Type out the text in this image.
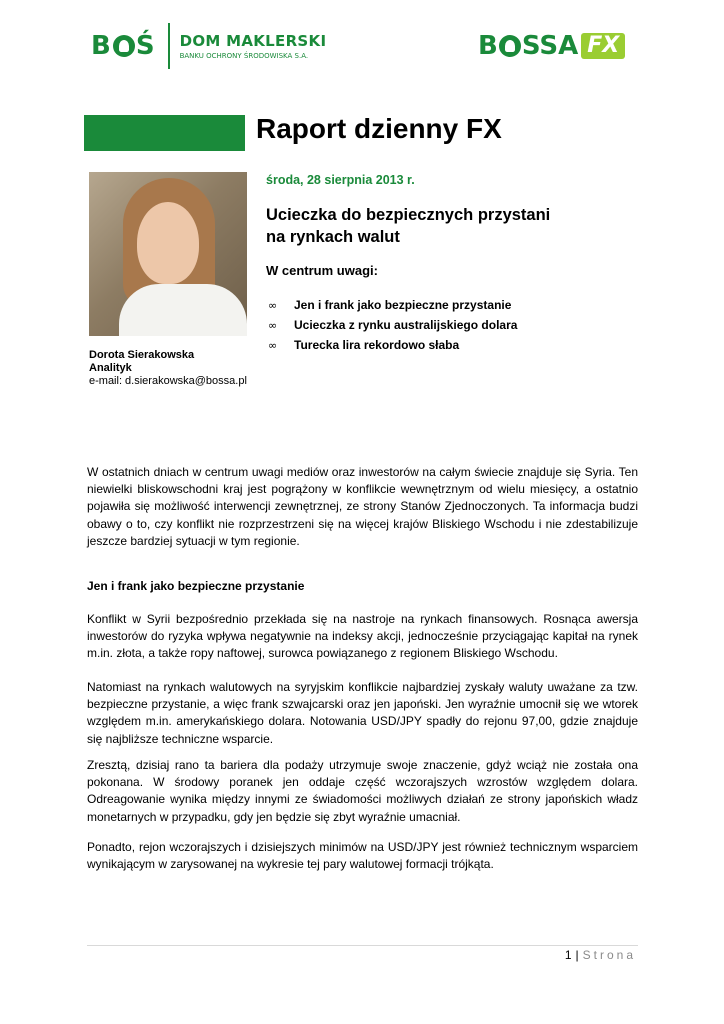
B Ś DOM MAKLERSKI
BANKU OCHRONY ŚRODOWISKA S.A.	B SSA FX
Raport dzienny FX
Dorota Sierakowska
Analityk
e-mail: d.sierakowska@bossa.pl
środa, 28 sierpnia 2013 r.
Ucieczka do bezpiecznych przystani
na rynkach walut
W centrum uwagi:
∞	Jen i frank jako bezpieczne przystanie
∞	Ucieczka z rynku australijskiego dolara
∞	Turecka lira rekordowo słaba

W ostatnich dniach w centrum uwagi mediów oraz inwestorów na całym świecie znajduje się Syria. Ten niewielki bliskowschodni kraj jest pogrążony w konflikcie wewnętrznym od wielu miesięcy, a ostatnio pojawiła się możliwość interwencji zewnętrznej, ze strony Stanów Zjednoczonych. Ta informacja budzi obawy o to, czy konflikt nie rozprzestrzeni się na więcej krajów Bliskiego Wschodu i nie zdestabilizuje jeszcze bardziej sytuacji w tym regionie.

Jen i frank jako bezpieczne przystanie

Konflikt w Syrii bezpośrednio przekłada się na nastroje na rynkach finansowych. Rosnąca awersja inwestorów do ryzyka wpływa negatywnie na indeksy akcji, jednocześnie przyciągając kapitał na rynek m.in. złota, a także ropy naftowej, surowca powiązanego z regionem Bliskiego Wschodu.

Natomiast na rynkach walutowych na syryjskim konflikcie najbardziej zyskały waluty uważane za tzw. bezpieczne przystanie, a więc frank szwajcarski oraz jen japoński. Jen wyraźnie umocnił się we wtorek względem m.in. amerykańskiego dolara. Notowania USD/JPY spadły do rejonu 97,00, gdzie znajduje się najbliższe techniczne wsparcie.

Zresztą, dzisiaj rano ta bariera dla podaży utrzymuje swoje znaczenie, gdyż wciąż nie została ona pokonana. W środowy poranek jen oddaje część wczorajszych wzrostów względem dolara. Odreagowanie wynika między innymi ze świadomości możliwych działań ze strony japońskich władz monetarnych w przypadku, gdy jen będzie się zbyt wyraźnie umacniał.

Ponadto, rejon wczorajszych i dzisiejszych minimów na USD/JPY jest również technicznym wsparciem wynikającym w zarysowanej na wykresie tej pary walutowej formacji trójkąta.

1 | Strona
